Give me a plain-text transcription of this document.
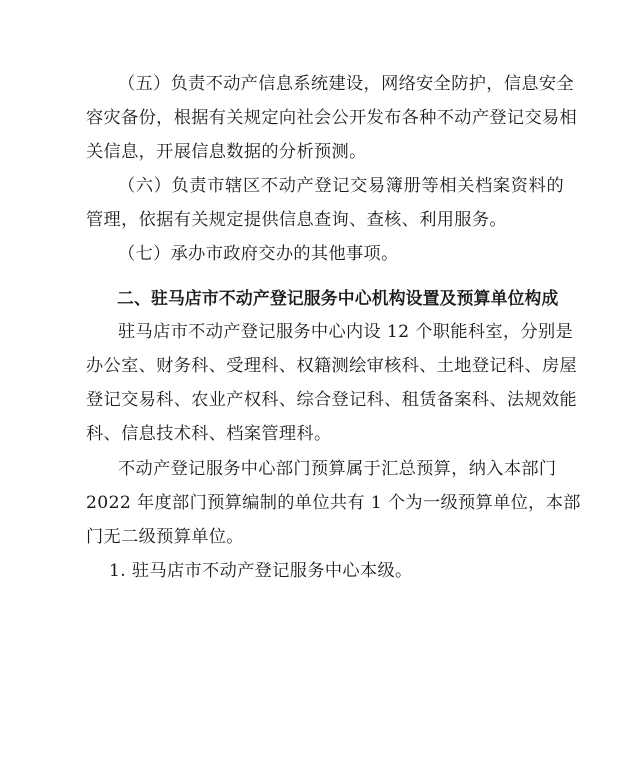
（五）负责不动产信息系统建设，网络安全防护，信息安全
容灾备份，根据有关规定向社会公开发布各种不动产登记交易相
关信息，开展信息数据的分析预测。
（六）负责市辖区不动产登记交易簿册等相关档案资料的
管理，依据有关规定提供信息查询、查核、利用服务。
（七）承办市政府交办的其他事项。
二、驻马店市不动产登记服务中心机构设置及预算单位构成
驻马店市不动产登记服务中心内设 12 个职能科室，分别是
办公室、财务科、受理科、权籍测绘审核科、土地登记科、房屋
登记交易科、农业产权科、综合登记科、租赁备案科、法规效能
科、信息技术科、档案管理科。
不动产登记服务中心部门预算属于汇总预算，纳入本部门
2022 年度部门预算编制的单位共有 1 个为一级预算单位，本部
门无二级预算单位。
1. 驻马店市不动产登记服务中心本级。
